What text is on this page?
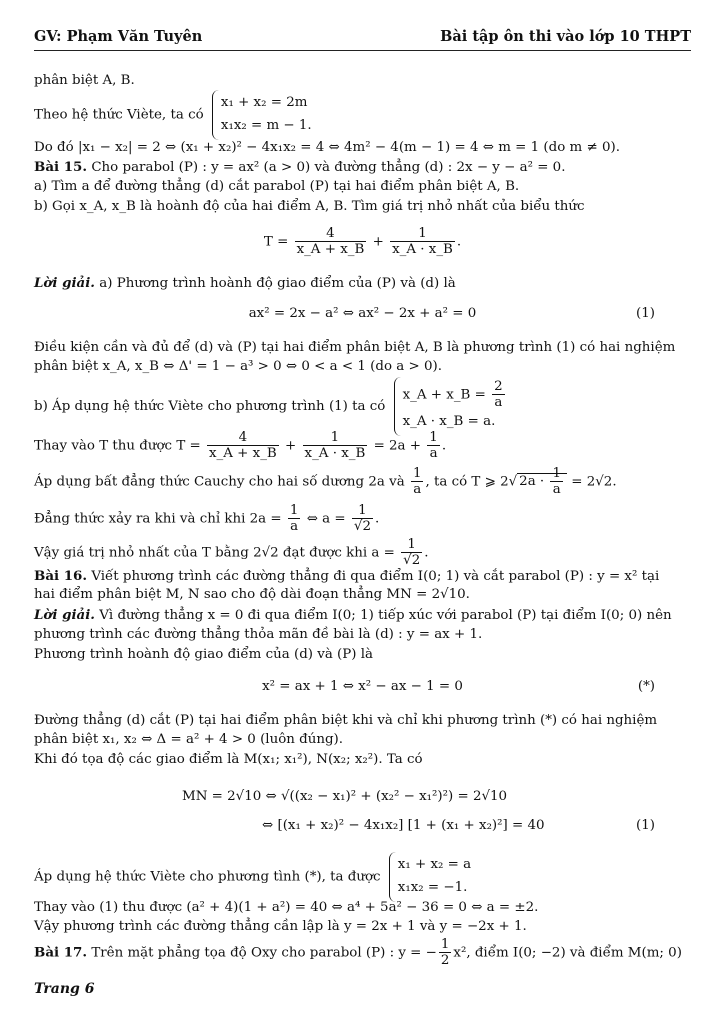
GV: Phạm Văn Tuyên	Bài tập ôn thi vào lớp 10 THPT
phân biệt A, B.
Theo hệ thức Viète, ta có
x₁ + x₂ = 2m
x₁x₂ = m − 1.
Do đó |x₁ − x₂| = 2 ⇔ (x₁ + x₂)² − 4x₁x₂ = 4 ⇔ 4m² − 4(m − 1) = 4 ⇔ m = 1 (do m ≠ 0).
Bài 15. Cho parabol (P) : y = ax² (a > 0) và đường thẳng (d) : 2x − y − a² = 0.
a) Tìm a để đường thẳng (d) cắt parabol (P) tại hai điểm phân biệt A, B.
b) Gọi x_A, x_B là hoành độ của hai điểm A, B. Tìm giá trị nhỏ nhất của biểu thức
$T = \frac{4}{x\_A + x\_B} + \frac{1}{x\_A \cdot x\_B}$ .
Lời giải. a) Phương trình hoành độ giao điểm của (P) và (d) là
ax² = 2x − a² ⇔ ax² − 2x + a² = 0	(1)
Điều kiện cần và đủ để (d) và (P) tại hai điểm phân biệt A, B là phương trình (1) có hai nghiệm
phân biệt x_A, x_B ⇔ Δ' = 1 − a³ > 0 ⇔ 0 < a < 1 (do a > 0).
b) Áp dụng hệ thức Viète cho phương trình (1) ta có
x_A + x_B = $\frac{2}{a}$
x_A · x_B = a.
Thay vào T thu được $T = \frac{4}{x\_A + x\_B} + \frac{1}{x\_A \cdot x\_B} = 2a + \frac{1}{a}$ .
Áp dụng bất đẳng thức Cauchy cho hai số dương 2a và $\frac{1}{a}$ , ta có T ⩾ 2√ $2a \cdot \frac{1}{a} = 2√2$.
Đẳng thức xảy ra khi và chỉ khi $2a = \frac{1}{a}$ ⇔ $a = \frac{1}{√2}$ .
Vậy giá trị nhỏ nhất của T bằng 2√2 đạt được khi $a = \frac{1}{√2}$ .
Bài 16. Viết phương trình các đường thẳng đi qua điểm I(0; 1) và cắt parabol (P) : y = x² tại
hai điểm phân biệt M, N sao cho độ dài đoạn thẳng MN = 2√10.
Lời giải. Vì đường thẳng x = 0 đi qua điểm I(0; 1) tiếp xúc với parabol (P) tại điểm I(0; 0) nên
phương trình các đường thẳng thỏa mãn đề bài là (d) : y = ax + 1.
Phương trình hoành độ giao điểm của (d) và (P) là
x² = ax + 1 ⇔ x² − ax − 1 = 0	(*)
Đường thẳng (d) cắt (P) tại hai điểm phân biệt khi và chỉ khi phương trình (*) có hai nghiệm
phân biệt x₁, x₂ ⇔ Δ = a² + 4 > 0 (luôn đúng).
Khi đó tọa độ các giao điểm là M(x₁; x₁²), N(x₂; x₂²). Ta có
MN = 2√10 ⇔ √((x₂ − x₁)² + (x₂² − x₁²)²) = 2√10
⇔ [(x₁ + x₂)² − 4x₁x₂] [1 + (x₁ + x₂)²] = 40	(1)
Áp dụng hệ thức Viète cho phương tình (*), ta được
x₁ + x₂ = a
x₁x₂ = −1.
Thay vào (1) thu được (a² + 4)(1 + a²) = 40 ⇔ a⁴ + 5a² − 36 = 0 ⇔ a = ±2.
Vậy phương trình các đường thẳng cần lập là y = 2x + 1 và y = −2x + 1.
Bài 17. Trên mặt phẳng tọa độ Oxy cho parabol (P) : y = − $\frac{1}{2} x^2$, điểm I(0; −2) và điểm M(m; 0)
Trang 6
